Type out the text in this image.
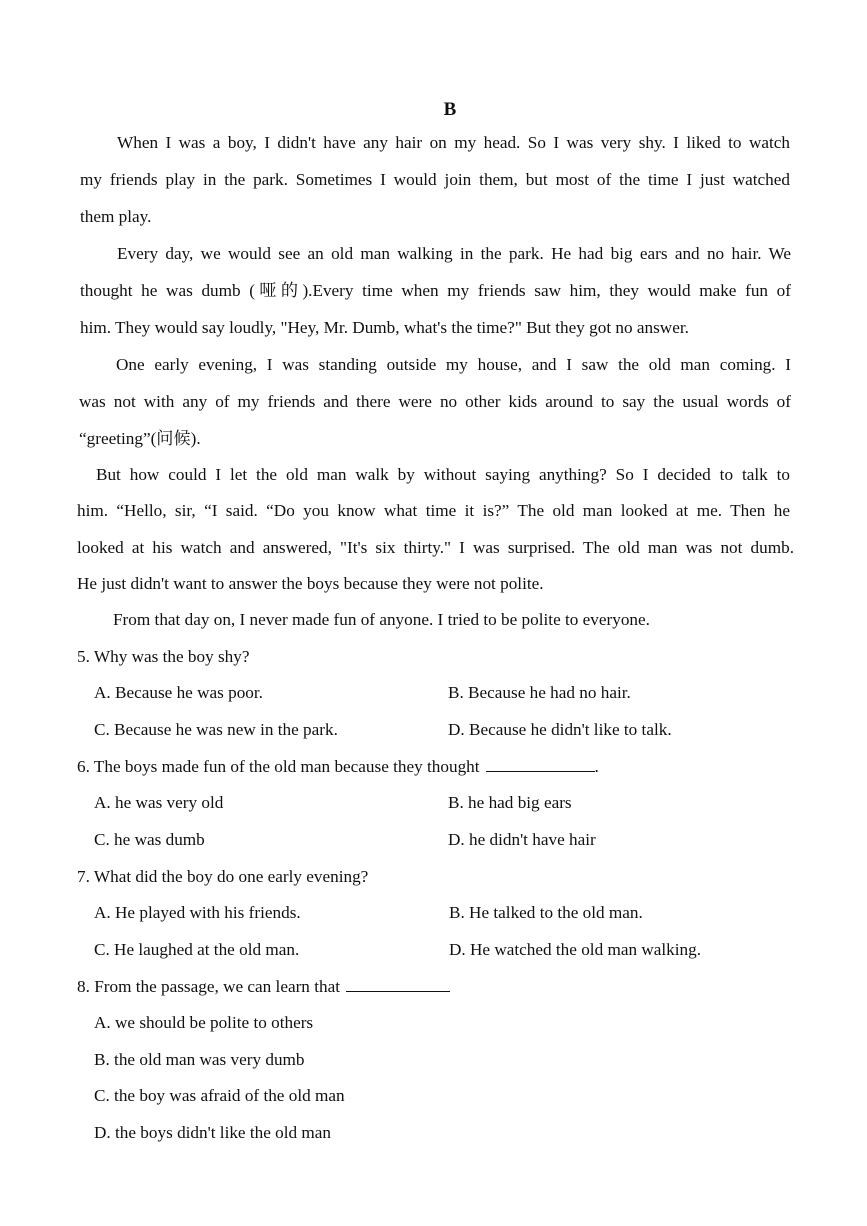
B
When I was a boy, I didn't have any hair on my head. So I was very shy. I liked to watch
my friends play in the park. Sometimes I would join them, but most of the time I just watched
them play.
Every day, we would see an old man walking in the park. He had big ears and no hair. We
thought he was dumb (哑的).Every time when my friends saw him, they would make fun of
him. They would say loudly, "Hey, Mr. Dumb, what's the time?" But they got no answer.
One early evening, I was standing outside my house, and I saw the old man coming. I
was not with any of my friends and there were no other kids around to say the usual words of
“greeting”(问候).
But how could I let the old man walk by without saying anything? So I decided to talk to
him. “Hello, sir, “I said. “Do you know what time it is?” The old man looked at me. Then he
looked at his watch and answered, "It's six thirty." I was surprised. The old man was not dumb.
He just didn't want to answer the boys because they were not polite.
From that day on, I never made fun of anyone. I tried to be polite to everyone.
5. Why was the boy shy?
A. Because he was poor.	B. Because he had no hair.
C. Because he was new in the park.	D. Because he didn't like to talk.
6. The boys made fun of the old man because they thought	.
A. he was very old	B. he had big ears
C. he was dumb	D. he didn't have hair
7. What did the boy do one early evening?
A. He played with his friends.	B. He talked to the old man.
C. He laughed at the old man.	D. He watched the old man walking.
8. From the passage, we can learn that
A. we should be polite to others
B. the old man was very dumb
C. the boy was afraid of the old man
D. the boys didn't like the old man
